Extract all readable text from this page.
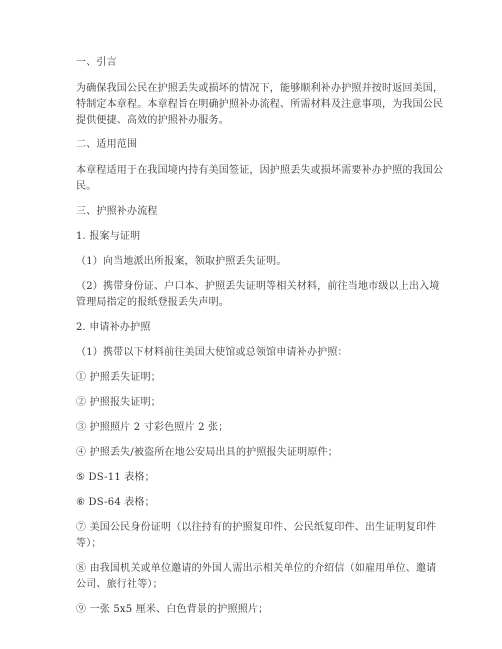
一、引言

为确保我国公民在护照丢失或损坏的情况下，能够顺利补办护照并按时返回美国，

特制定本章程。本章程旨在明确护照补办流程、所需材料及注意事项，为我国公民

提供便捷、高效的护照补办服务。

二、适用范围

本章程适用于在我国境内持有美国签证，因护照丢失或损坏需要补办护照的我国公

民。

三、护照补办流程

1. 报案与证明

（1）向当地派出所报案，领取护照丢失证明。

（2）携带身份证、户口本、护照丢失证明等相关材料，前往当地市级以上出入境

管理局指定的报纸登报丢失声明。

2. 申请补办护照

（1）携带以下材料前往美国大使馆或总领馆申请补办护照：

① 护照丢失证明；

② 护照报失证明；

③ 护照照片 2 寸彩色照片 2 张；

④ 护照丢失/被盗所在地公安局出具的护照报失证明原件；

⑤ DS-11 表格；

⑥ DS-64 表格；

⑦ 美国公民身份证明（以往持有的护照复印件、公民纸复印件、出生证明复印件

等）；

⑧ 由我国机关或单位邀请的外国人需出示相关单位的介绍信（如雇用单位、邀请

公司、旅行社等）；

⑨ 一张 5x5 厘米、白色背景的护照照片；
